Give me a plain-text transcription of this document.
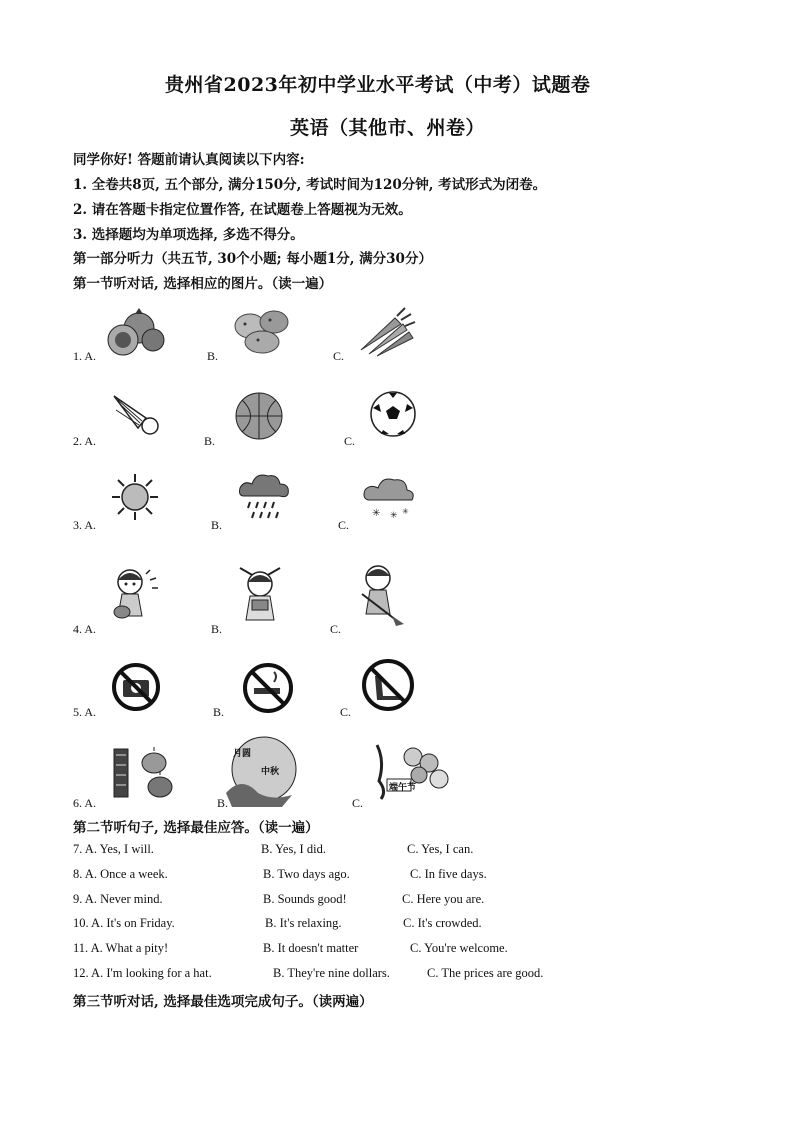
贵州省2023年初中学业水平考试（中考）试题卷
英语（其他市、州卷）
同学你好! 答题前请认真阅读以下内容:
1. 全卷共8页, 五个部分, 满分150分, 考试时间为120分钟, 考试形式为闭卷。
2. 请在答题卡指定位置作答, 在试题卷上答题视为无效。
3. 选择题均为单项选择, 多选不得分。
第一部分听力（共五节, 30个小题; 每小题1分, 满分30分）
第一节听对话, 选择相应的图片。（读一遍）
1. A.	B.	C.
2. A.	B.	C.
3. A.	B.	C.
✳ ✳ ✳
4. A.	B.	C.
5. A.	B.	C.
6. A.	B.	C.
月圆
中秋
端午节
第二节听句子, 选择最佳应答。（读一遍）
7. A. Yes, I will.	B. Yes, I did.	C. Yes, I can.
8. A. Once a week.	B. Two days ago.	C. In five days.
9. A. Never mind.	B. Sounds good!	C. Here you are.
10. A. It's on Friday.	B. It's relaxing.	C. It's crowded.
11. A. What a pity!	B. It doesn't matter	C. You're welcome.
12. A. I'm looking for a hat.	B. They're nine dollars.	C. The prices are good.
第三节听对话, 选择最佳选项完成句子。（读两遍）
